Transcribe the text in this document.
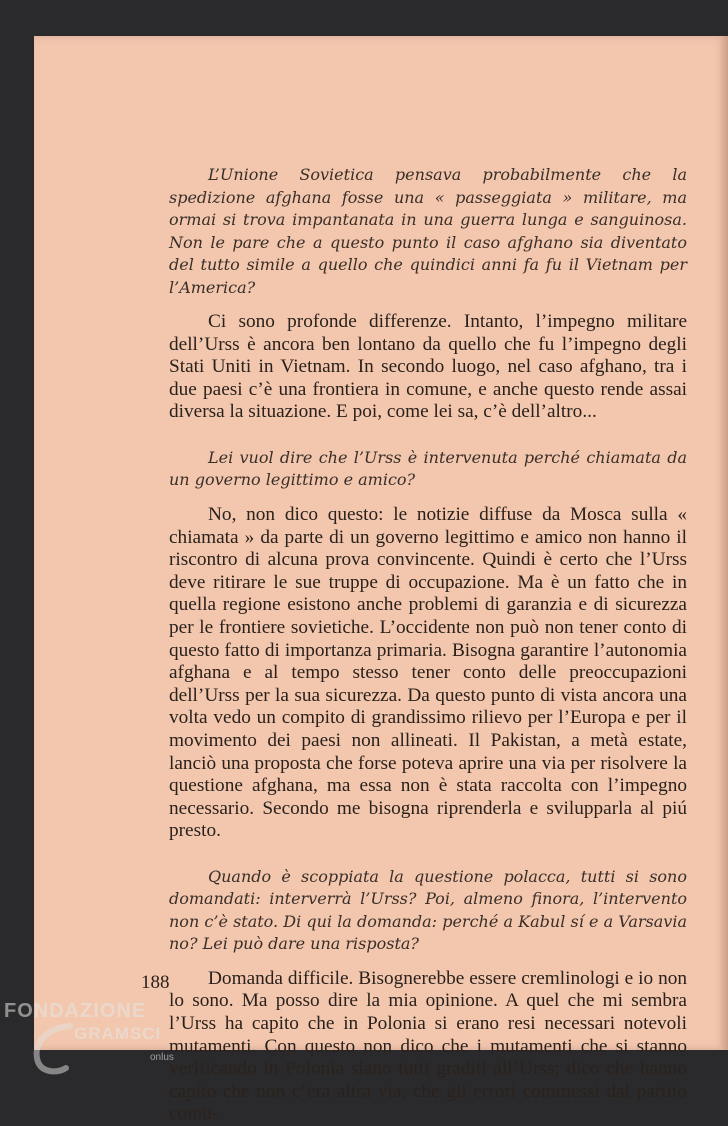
L’Unione Sovietica pensava probabilmente che la spedizione afghana fosse una « passeggiata » militare, ma ormai si trova impantanata in una guerra lunga e sanguinosa. Non le pare che a questo punto il caso afghano sia diventato del tutto simile a quello che quindici anni fa fu il Vietnam per l’America?

Ci sono profonde differenze. Intanto, l’impegno militare dell’Urss è ancora ben lontano da quello che fu l’impegno degli Stati Uniti in Vietnam. In secondo luogo, nel caso afghano, tra i due paesi c’è una frontiera in comune, e anche questo rende assai diversa la situazione. E poi, come lei sa, c’è dell’altro...

Lei vuol dire che l’Urss è intervenuta perché chiamata da un governo legittimo e amico?

No, non dico questo: le notizie diffuse da Mosca sulla « chiamata » da parte di un governo legittimo e amico non hanno il riscontro di alcuna prova convincente. Quindi è certo che l’Urss deve ritirare le sue truppe di occupazione. Ma è un fatto che in quella regione esistono anche problemi di garanzia e di sicurezza per le frontiere sovietiche. L’occidente non può non tener conto di questo fatto di importanza primaria. Bisogna garantire l’autonomia afghana e al tempo stesso tener conto delle preoccupazioni dell’Urss per la sua sicurezza. Da questo punto di vista ancora una volta vedo un compito di grandissimo rilievo per l’Europa e per il movimento dei paesi non allineati. Il Pakistan, a metà estate, lanciò una proposta che forse poteva aprire una via per risolvere la questione afghana, ma essa non è stata raccolta con l’impegno necessario. Secondo me bisogna riprenderla e svilupparla al piú presto.

Quando è scoppiata la questione polacca, tutti si sono domandati: interverrà l’Urss? Poi, almeno finora, l’intervento non c’è stato. Di qui la domanda: perché a Kabul sí e a Varsavia no? Lei può dare una risposta?

Domanda difficile. Bisognerebbe essere cremlinologi e io non lo sono. Ma posso dire la mia opinione. A quel che mi sembra l’Urss ha capito che in Polonia si erano resi necessari notevoli mutamenti. Con questo non dico che i mutamenti che si stanno verificando in Polonia siano tutti graditi all’Urss; dico che hanno capito che non c’era altra via, che gli errori commessi dal partito comu-

188
FONDAZIONE
GRAMSCI
onlus
